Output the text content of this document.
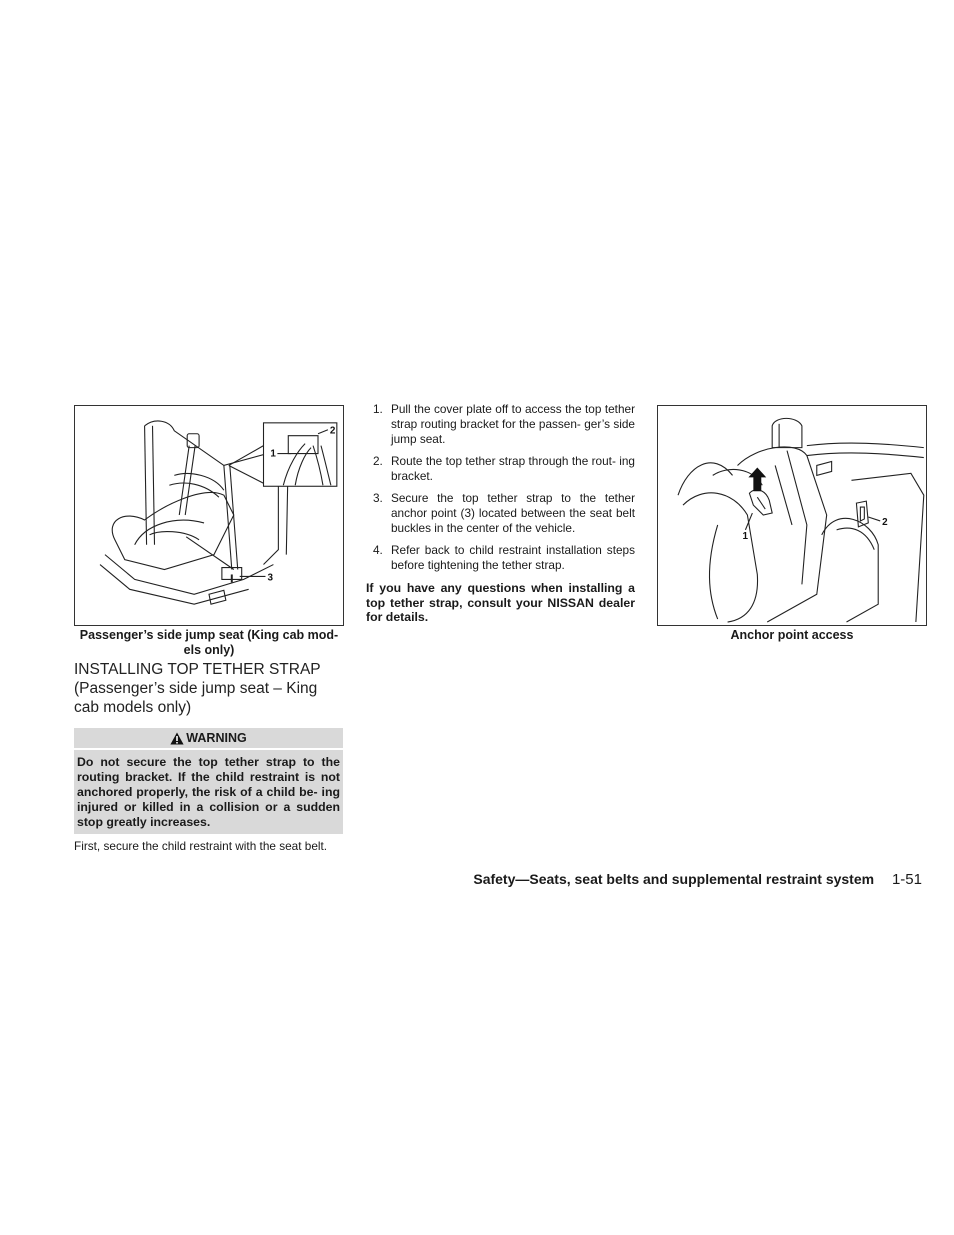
1
2
3
Passenger’s side jump seat (King cab mod- els only)
INSTALLING TOP TETHER STRAP (Passenger’s side jump seat – King cab models only)
WARNING
Do not secure the top tether strap to the routing bracket. If the child restraint is not anchored properly, the risk of a child be- ing injured or killed in a collision or a sudden stop greatly increases.
First, secure the child restraint with the seat belt.
1. Pull the cover plate off to access the top tether strap routing bracket for the passen- ger’s side jump seat.
2. Route the top tether strap through the rout- ing bracket.
3. Secure the top tether strap to the tether anchor point (3) located between the seat belt buckles in the center of the vehicle.
4. Refer back to child restraint installation steps before tightening the tether strap.
If you have any questions when installing a top tether strap, consult your NISSAN dealer for details.
1
2
Anchor point access
Safety—Seats, seat belts and supplemental restraint system 1-51
